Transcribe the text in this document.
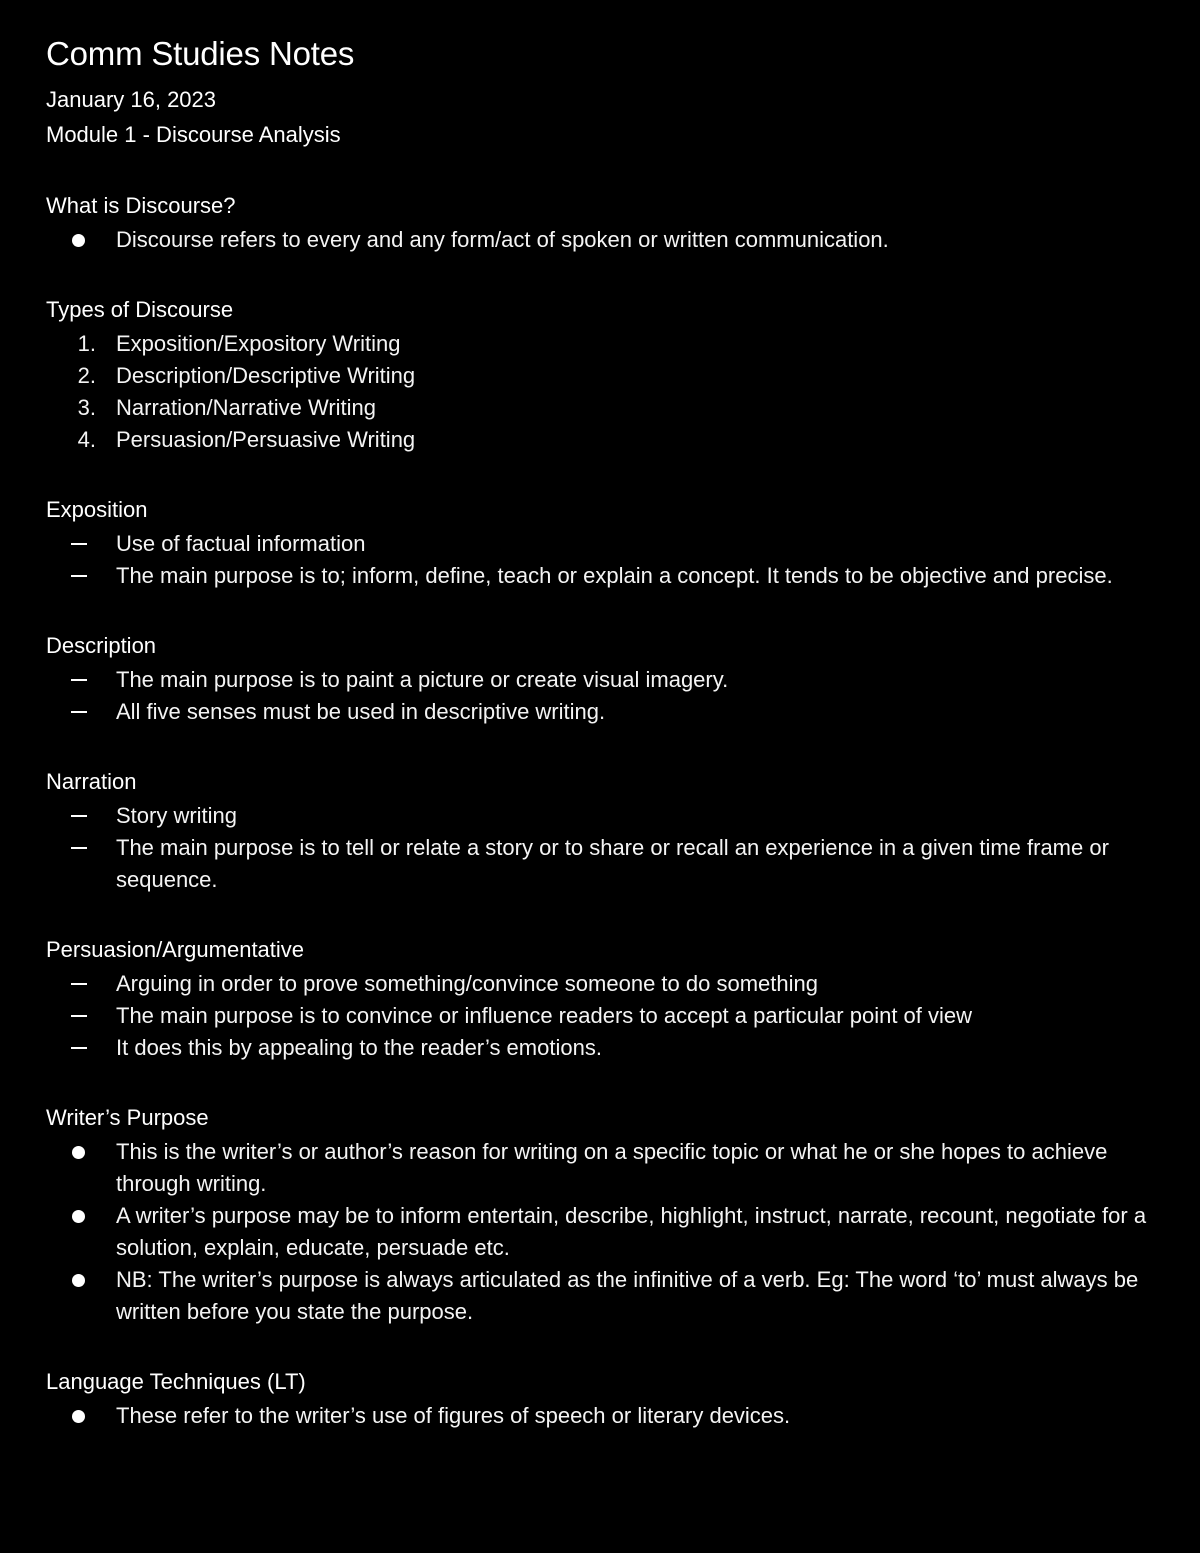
Comm Studies Notes

January 16, 2023

Module 1 - Discourse Analysis

What is Discourse?

Discourse refers to every and any form/act of spoken or written communication.

Types of Discourse

1. Exposition/Expository Writing
2. Description/Descriptive Writing
3. Narration/Narrative Writing
4. Persuasion/Persuasive Writing

Exposition

Use of factual information
The main purpose is to; inform, define, teach or explain a concept. It tends to be objective and precise.

Description

The main purpose is to paint a picture or create visual imagery.
All five senses must be used in descriptive writing.

Narration

Story writing
The main purpose is to tell or relate a story or to share or recall an experience in a given time frame or sequence.

Persuasion/Argumentative

Arguing in order to prove something/convince someone to do something
The main purpose is to convince or influence readers to accept a particular point of view
It does this by appealing to the reader’s emotions.

Writer’s Purpose

This is the writer’s or author’s reason for writing on a specific topic or what he or she hopes to achieve through writing.
A writer’s purpose may be to inform entertain, describe, highlight, instruct, narrate, recount, negotiate for a solution, explain, educate, persuade etc.
NB: The writer’s purpose is always articulated as the infinitive of a verb. Eg: The word ‘to’ must always be written before you state the purpose.

Language Techniques (LT)

These refer to the writer’s use of figures of speech or literary devices.
